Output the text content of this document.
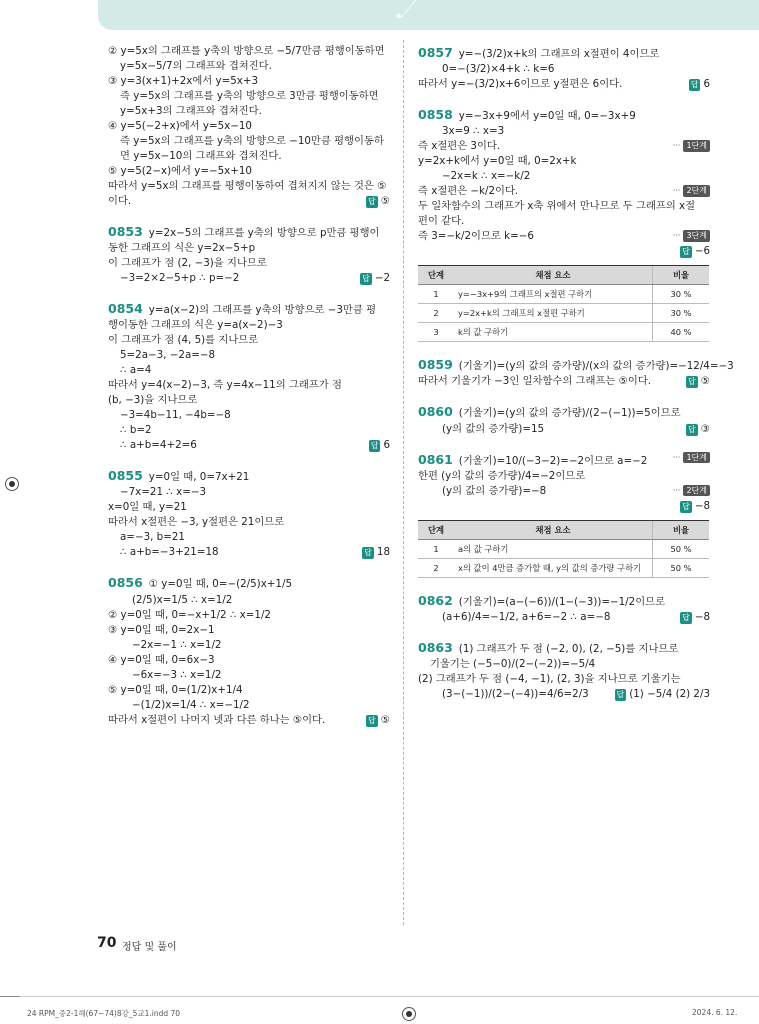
✦
② y=5x의 그래프를 y축의 방향으로 −5/7만큼 평행이동하면
y=5x−5/7의 그래프와 겹쳐진다.
③ y=3(x+1)+2x에서 y=5x+3
즉 y=5x의 그래프를 y축의 방향으로 3만큼 평행이동하면
y=5x+3의 그래프와 겹쳐진다.
④ y=5(−2+x)에서 y=5x−10
즉 y=5x의 그래프를 y축의 방향으로 −10만큼 평행이동하
면 y=5x−10의 그래프와 겹쳐진다.
⑤ y=5(2−x)에서 y=−5x+10
따라서 y=5x의 그래프를 평행이동하여 겹쳐지지 않는 것은 ⑤
이다.	답 ⑤
0853 y=2x−5의 그래프를 y축의 방향으로 p만큼 평행이
동한 그래프의 식은 y=2x−5+p
이 그래프가 점 (2, −3)을 지나므로
−3=2×2−5+p ∴ p=−2	답 −2
0854 y=a(x−2)의 그래프를 y축의 방향으로 −3만큼 평
행이동한 그래프의 식은 y=a(x−2)−3
이 그래프가 점 (4, 5)를 지나므로
5=2a−3, −2a=−8
∴ a=4
따라서 y=4(x−2)−3, 즉 y=4x−11의 그래프가 점
(b, −3)을 지나므로
−3=4b−11, −4b=−8
∴ b=2
∴ a+b=4+2=6	답 6
0855 y=0일 때, 0=7x+21
−7x=21 ∴ x=−3
x=0일 때, y=21
따라서 x절편은 −3, y절편은 21이므로
a=−3, b=21
∴ a+b=−3+21=18	답 18
0856 ① y=0일 때, 0=−(2/5)x+1/5
(2/5)x=1/5 ∴ x=1/2
② y=0일 때, 0=−x+1/2 ∴ x=1/2
③ y=0일 때, 0=2x−1
−2x=−1 ∴ x=1/2
④ y=0일 때, 0=6x−3
−6x=−3 ∴ x=1/2
⑤ y=0일 때, 0=(1/2)x+1/4
−(1/2)x=1/4 ∴ x=−1/2
따라서 x절편이 나머지 넷과 다른 하나는 ⑤이다.	답 ⑤
0857 y=−(3/2)x+k의 그래프의 x절편이 4이므로
0=−(3/2)×4+k ∴ k=6
따라서 y=−(3/2)x+6이므로 y절편은 6이다.	답 6
0858 y=−3x+9에서 y=0일 때, 0=−3x+9
3x=9 ∴ x=3
즉 x절편은 3이다.	··· 1단계
y=2x+k에서 y=0일 때, 0=2x+k
−2x=k ∴ x=−k/2
즉 x절편은 −k/2이다.	··· 2단계
두 일차함수의 그래프가 x축 위에서 만나므로 두 그래프의 x절
편이 같다.
즉 3=−k/2이므로 k=−6	··· 3단계
답 −6
단계	채점 요소	비율
1	y=−3x+9의 그래프의 x절편 구하기	30 %
2	y=2x+k의 그래프의 x절편 구하기	30 %
3	k의 값 구하기	40 %
0859 (기울기)=(y의 값의 증가량)/(x의 값의 증가량)=−12/4=−3
따라서 기울기가 −3인 일차함수의 그래프는 ⑤이다.	답 ⑤
0860 (기울기)=(y의 값의 증가량)/(2−(−1))=5이므로
(y의 값의 증가량)=15	답 ③
0861 (기울기)=10/(−3−2)=−2이므로 a=−2	··· 1단계
한편 (y의 값의 증가량)/4=−2이므로
(y의 값의 증가량)=−8	··· 2단계
답 −8
단계	채점 요소	비율
1	a의 값 구하기	50 %
2	x의 값이 4만큼 증가할 때, y의 값의 증가량 구하기	50 %
0862 (기울기)=(a−(−6))/(1−(−3))=−1/2이므로
(a+6)/4=−1/2, a+6=−2 ∴ a=−8	답 −8
0863 (1) 그래프가 두 점 (−2, 0), (2, −5)를 지나므로
기울기는 (−5−0)/(2−(−2))=−5/4
(2) 그래프가 두 점 (−4, −1), (2, 3)을 지나므로 기울기는
(3−(−1))/(2−(−4))=4/6=2/3	답 (1) −5/4 (2) 2/3
70 정답 및 풀이
24 RPM_중2-1해(67~74)8강_5교1.indd 70	2024. 6. 12.
